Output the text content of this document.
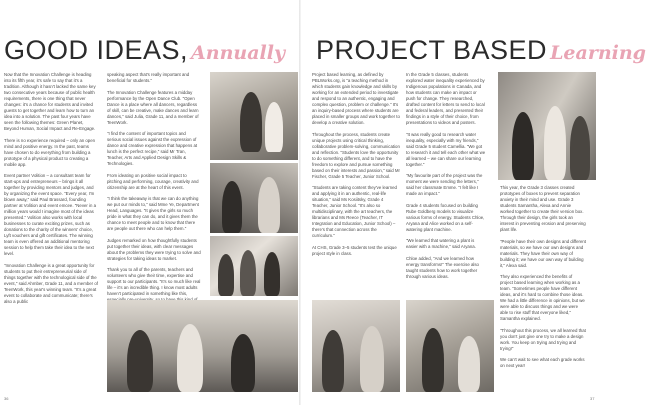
GOOD IDEAS, Annually

Now that the Innovation Challenge is heading into its fifth year, it's safe to say that it's a tradition. Although it hasn't lacked the same key two consecutive years because of public health requirements, there is one thing that never changes: it's a chance for students and invited guests to get together and learn how to turn an idea into a solution. The past four years have seen the following themes: Green Planet, Beyond Human, Social Impact and Re-Engage.

There is no experience required – only an open mind and positive energy. In the past, teams have chosen to do everything from building a prototype of a physical product to creating a mobile app.

Event partner Volition – a consultant team for start-ups and entrepreneurs – brings it all together by providing mentors and judges, and by organizing the event space. "Every year, I'm blown away," said Paul Brassard, founding partner at Volition and event emcee. "Never in a million years would I imagine most of the ideas presented." Volition also works with local businesses to curate exciting prizes, such as donations to the charity of the winners' choice, Lyft vouchers and gift certificates. The winning team is even offered an additional mentoring session to help them take their idea to the next level.

"Innovation Challenge is a great opportunity for students to put their entrepreneurial side of things together with the technological side of the event," said Ahmber, Grade 11, and a member of TeenWork, this year's winning team. "It's a great event to collaborate and communicate; there's also a public

speaking aspect that's really important and beneficial for students."

The Innovation Challenge features a midday performance by the Open Dance Club. "Open Dance is a place where all dancers, regardless of skill, can be creative, make dances and learn dances," said Julia, Grade 11, and a member of TeenWork.

"I find the content of important topics and serious social issues against the expression of dance and creative expression that happens at lunch is the perfect recipe," said Mr Tran, Teacher, Arts and Applied Design Skills & Technologies.

From ideating on positive social impact to pitching and performing, courage, creativity and citizenship are at the heart of this event.

"I think the takeaway is that we can do anything we put our minds to," said Mme Ye, Department Head, Languages. "It gives the girls so much pride in what they can do, and it gives them the chance to meet people and to know that there are people out there who can help them."

Judges remarked on how thoughtfully students put together their ideas, with clear messages about the problems they were trying to solve and strategies for taking ideas to market.

Thank you to all of the parents, teachers and volunteers who give their time, expertise and support to our participants. "It's so much like real life – it's an incredible thing. I know most adults haven't participated in something like this,

36
PROJECT BASED Learning

Project based learning, as defined by PBLWorks.org, is "a teaching method in which students gain knowledge and skills by working for an extended period to investigate and respond to an authentic, engaging and complex question, problem or challenge." It's an inquiry-based process where students are placed in smaller groups and work together to develop a creative solution.

Throughout the process, students create unique projects using critical thinking, collaborative problem-solving, communication and reflection. "Students love the opportunity to do something different, and to have the freedom to explore and pursue something based on their interests and passion," said Mr Fischer, Grade 5 Teacher, Junior School.

"Students are taking content they've learned and applying it in an authentic, real-life situation," said Ms Kosiitsky, Grade 4 Teacher, Junior School. "It's also so multidisciplinary, with the art teachers, the librarians and Ms Reece (Teacher, IT Integration and Education, Junior School) – there's that connection across the curriculum."

At CHS, Grade 3–5 students test the unique project style in class.

In the Grade 5 classes, students explored water inequality experienced by Indigenous populations in Canada, and how students can make an impact or push for change. They researched, drafted content for letters to send to local and federal leaders, and presented their findings in a style of their choice, from presentations to videos and posters.

"It was really good to research water inequality, especially with my friends," said Grade 5 student Camellia. "We got to research it and tell each other what we all learned – we can share our learning together."

"My favourite part of the project was the moment we were sending the letters," said her classmate Emme. "I felt like I made an impact."

Grade 4 students focused on building Rube Goldberg models to visualize various forms of energy. Students Chloe, Aryana and Alice worked on a self-watering plant machine.

"We learned that watering a plant is easier with a machine," said Aryana.

Chloe added, "And we learned how energy transforms!" The exercise also taught students how to work together through various ideas.

This year, the Grade 3 classes created prototypes of boxes to prevent separation anxiety in their mind and use. Grade 3 students Samantha, Alexa and Annie worked together to create their version box. Through their design, the girls took an interest in preventing erosion and preserving plant life.

"People have their own designs and different materials, so we have our own designs and materials. They have their own way of building it; we have our own way of building it," Alexa said.

They also experienced the benefits of project based learning when working as a team. "Sometimes people have different ideas, and it's hard to combine those ideas. We had a little difference in opinions, but we were able to discuss things and we were able to rise stuff that everyone liked," Samantha explained.

"Throughout this process, we all learned that you don't just give one try to make a design work. You keep on trying and trying and trying!"

We can't wait to see what each grade works on next year!

37
